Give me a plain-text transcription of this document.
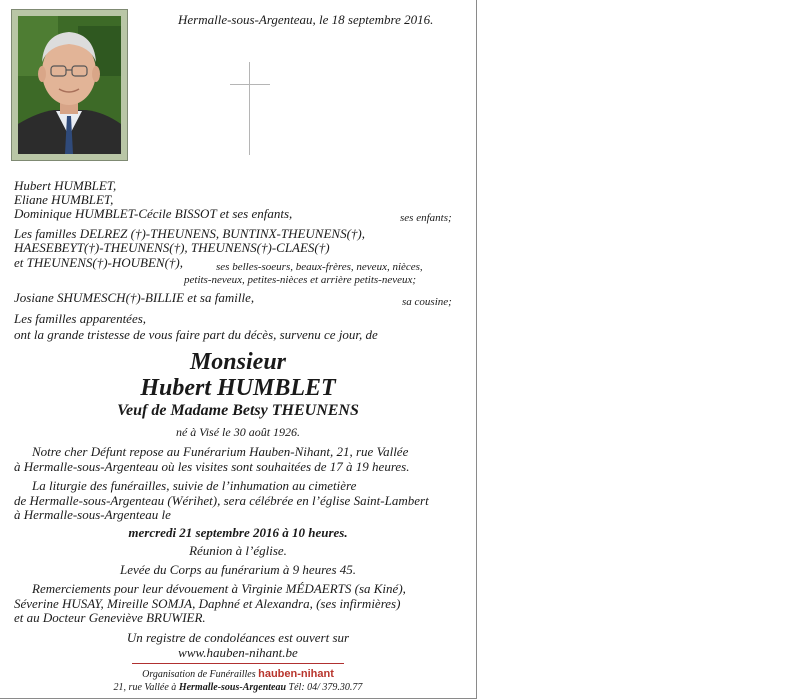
Hermalle-sous-Argenteau, le 18 septembre 2016.
Hubert HUMBLET,
Eliane HUMBLET,
Dominique HUMBLET-Cécile BISSOT et ses enfants,	ses enfants;
Les familles DELREZ (†)-THEUNENS, BUNTINX-THEUNENS(†),
HAESEBEYT(†)-THEUNENS(†), THEUNENS(†)-CLAES(†)
et THEUNENS(†)-HOUBEN(†),	ses belles-soeurs, beaux-frères, neveux, nièces,
petits-neveux, petites-nièces et arrière petits-neveux;
Josiane SHUMESCH(†)-BILLIE et sa famille,	sa cousine;
Les familles apparentées,
ont la grande tristesse de vous faire part du décès, survenu ce jour, de
Monsieur
Hubert HUMBLET
Veuf de Madame Betsy THEUNENS
né à Visé le 30 août 1926.
Notre cher Défunt repose au Funérarium Hauben-Nihant, 21, rue Vallée
à Hermalle-sous-Argenteau où les visites sont souhaitées de 17 à 19 heures.
La liturgie des funérailles, suivie de l’inhumation au cimetière
de Hermalle-sous-Argenteau (Wérihet), sera célébrée en l’église Saint-Lambert
à Hermalle-sous-Argenteau le
mercredi 21 septembre 2016 à 10 heures.
Réunion à l’église.
Levée du Corps au funérarium à 9 heures 45.
Remerciements pour leur dévouement à Virginie MÉDAERTS (sa Kiné),
Séverine HUSAY, Mireille SOMJA, Daphné et Alexandra, (ses infirmières)
et au Docteur Geneviève BRUWIER.
Un registre de condoléances est ouvert sur
www.hauben-nihant.be
Organisation de Funérailles hauben-nihant
21, rue Vallée à Hermalle-sous-Argenteau Tél: 04/ 379.30.77
